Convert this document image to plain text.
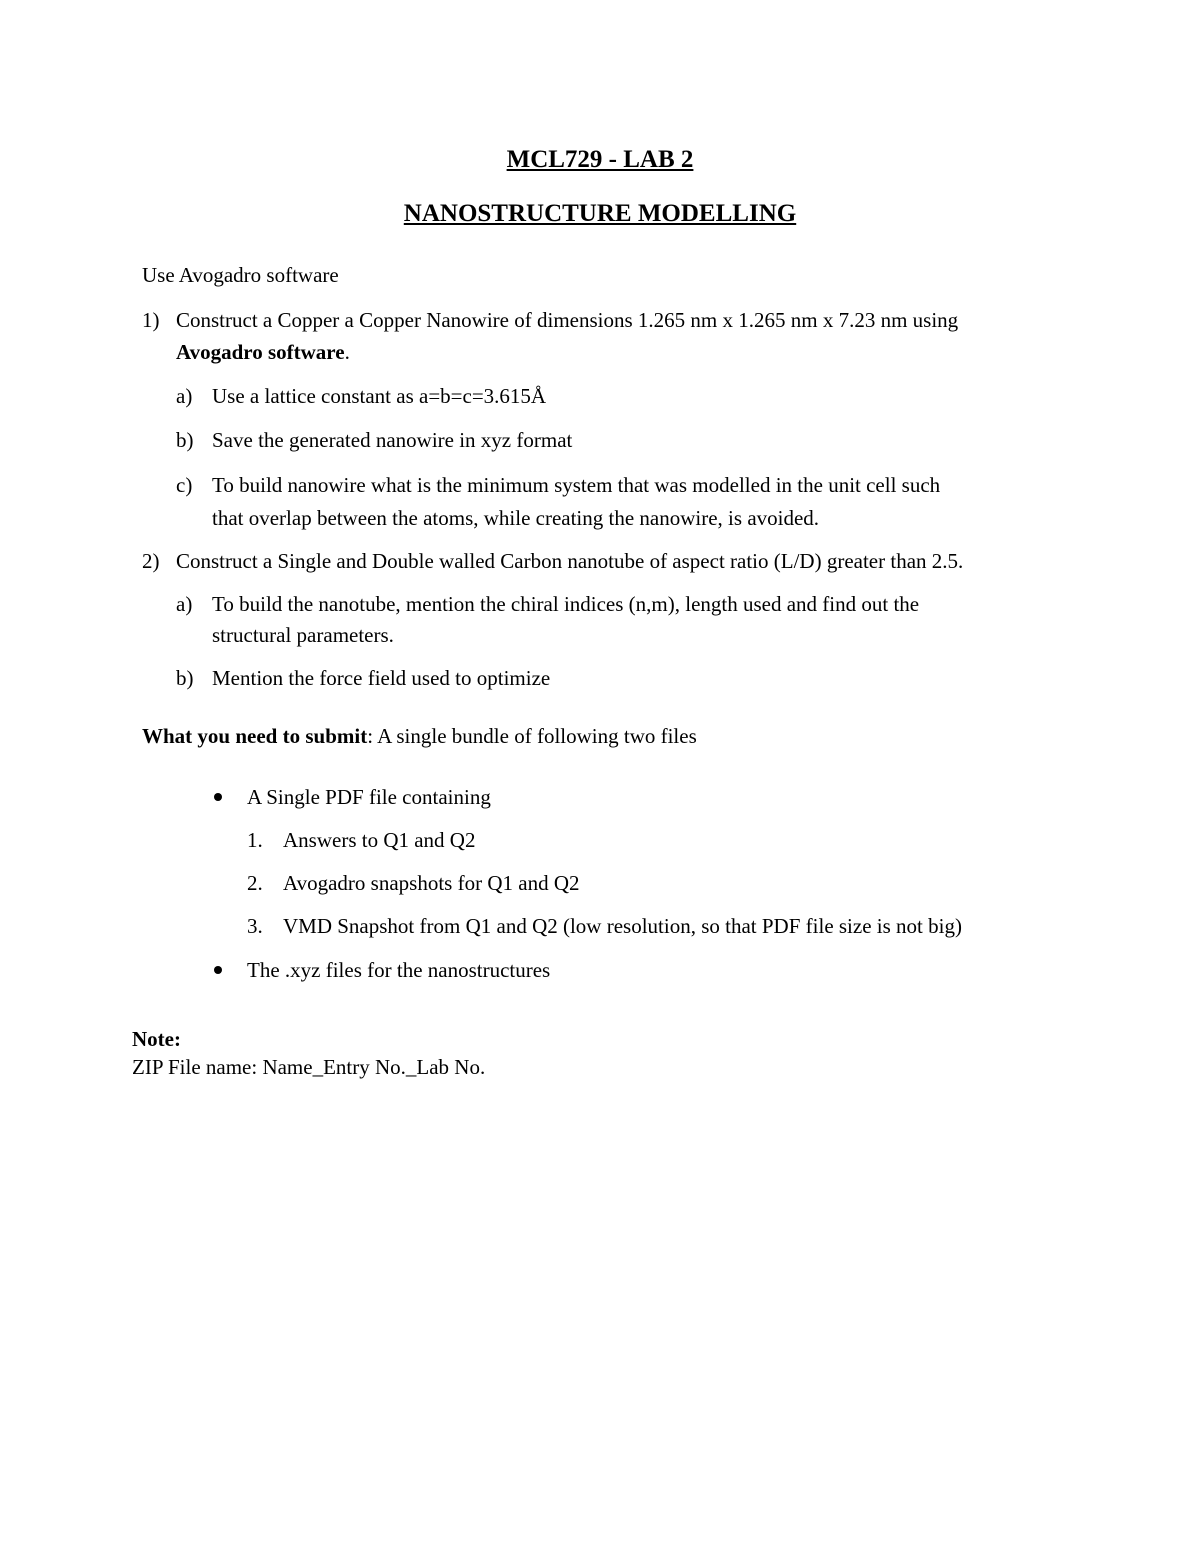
MCL729 - LAB 2
NANOSTRUCTURE MODELLING
Use Avogadro software
1) Construct a Copper a Copper Nanowire of dimensions 1.265 nm x 1.265 nm x 7.23 nm using
Avogadro software.
a) Use a lattice constant as a=b=c=3.615Å
b) Save the generated nanowire in xyz format
c) To build nanowire what is the minimum system that was modelled in the unit cell such
that overlap between the atoms, while creating the nanowire, is avoided.
2) Construct a Single and Double walled Carbon nanotube of aspect ratio (L/D) greater than 2.5.
a) To build the nanotube, mention the chiral indices (n,m), length used and find out the
structural parameters.
b) Mention the force field used to optimize
What you need to submit: A single bundle of following two files
A Single PDF file containing
1. Answers to Q1 and Q2
2. Avogadro snapshots for Q1 and Q2
3. VMD Snapshot from Q1 and Q2 (low resolution, so that PDF file size is not big)
The .xyz files for the nanostructures
Note:
ZIP File name: Name_Entry No._Lab No.
